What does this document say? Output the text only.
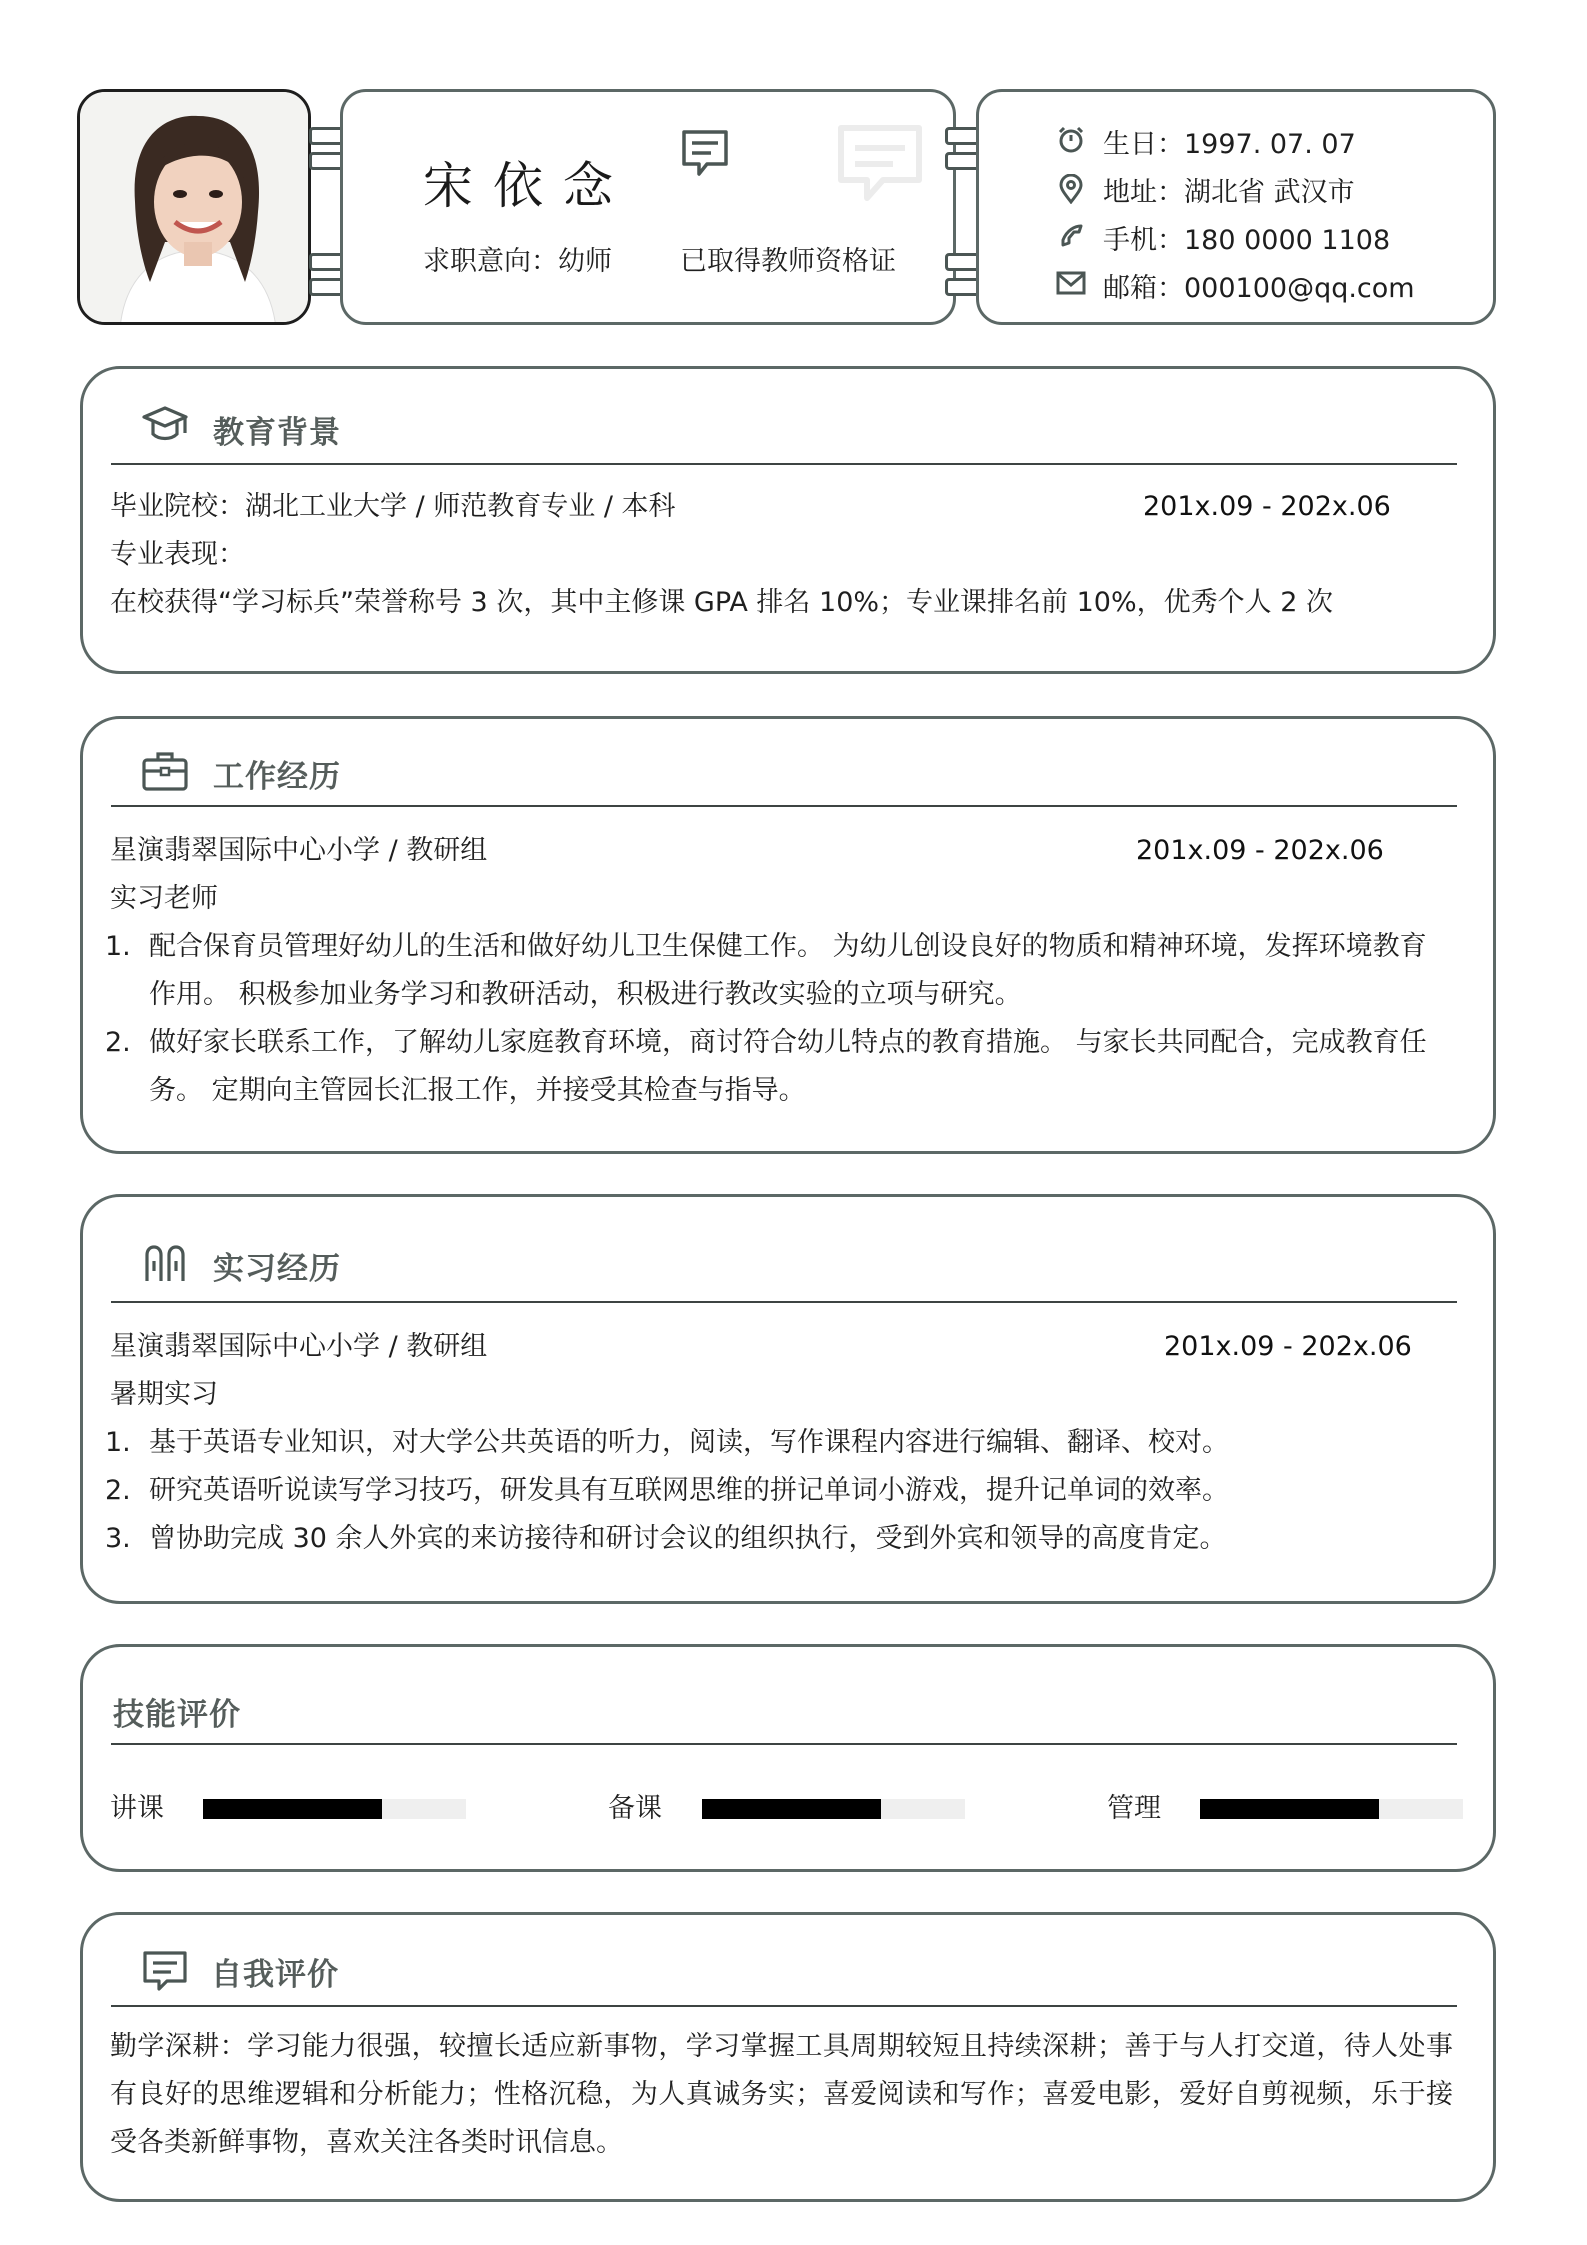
宋依念
求职意向：幼师	已取得教师资格证
生日：1997. 07. 07
地址：湖北省 武汉市
手机：180 0000 1108
邮箱：000100@qq.com
教育背景
毕业院校：湖北工业大学 / 师范教育专业 / 本科	201x.09 - 202x.06
专业表现：
在校获得“学习标兵”荣誉称号 3 次，其中主修课 GPA 排名 10%；专业课排名前 10%，优秀个人 2 次
工作经历
星演翡翠国际中心小学 / 教研组	201x.09 - 202x.06
实习老师
1. 配合保育员管理好幼儿的生活和做好幼儿卫生保健工作。 为幼儿创设良好的物质和精神环境，发挥环境教育作用。 积极参加业务学习和教研活动，积极进行教改实验的立项与研究。
2. 做好家长联系工作，了解幼儿家庭教育环境，商讨符合幼儿特点的教育措施。 与家长共同配合，完成教育任务。 定期向主管园长汇报工作，并接受其检查与指导。
实习经历
星演翡翠国际中心小学 / 教研组	201x.09 - 202x.06
暑期实习
1. 基于英语专业知识，对大学公共英语的听力，阅读，写作课程内容进行编辑、翻译、校对。
2. 研究英语听说读写学习技巧，研发具有互联网思维的拼记单词小游戏，提升记单词的效率。
3. 曾协助完成 30 余人外宾的来访接待和研讨会议的组织执行，受到外宾和领导的高度肯定。
技能评价
讲课	备课	管理
自我评价
勤学深耕：学习能力很强，较擅长适应新事物，学习掌握工具周期较短且持续深耕；善于与人打交道，待人处事有良好的思维逻辑和分析能力；性格沉稳，为人真诚务实；喜爱阅读和写作；喜爱电影，爱好自剪视频，乐于接受各类新鲜事物，喜欢关注各类时讯信息。
